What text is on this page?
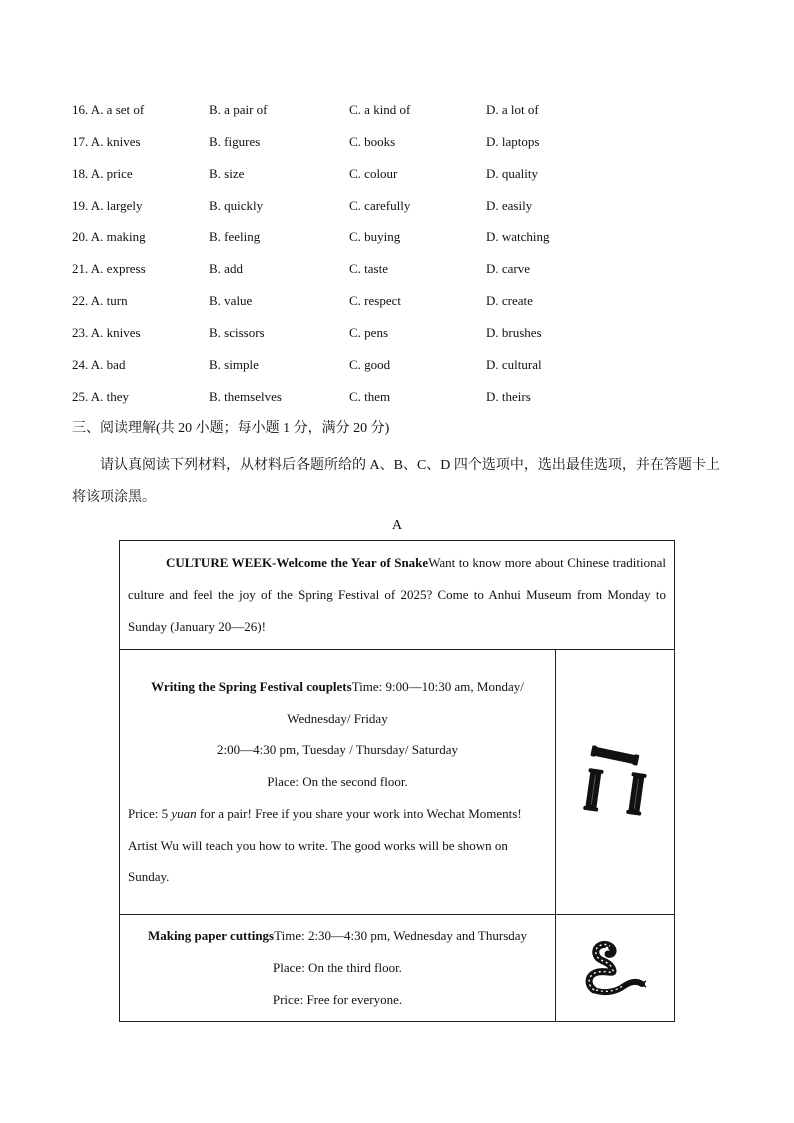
16. A. a set of	B. a pair of	C. a kind of	D. a lot of
17. A. knives	B. figures	C. books	D. laptops
18. A. price	B. size	C. colour	D. quality
19. A. largely	B. quickly	C. carefully	D. easily
20. A. making	B. feeling	C. buying	D. watching
21. A. express	B. add	C. taste	D. carve
22. A. turn	B. value	C. respect	D. create
23. A. knives	B. scissors	C. pens	D. brushes
24. A. bad	B. simple	C. good	D. cultural
25. A. they	B. themselves	C. them	D. theirs
三、阅读理解(共 20 小题；每小题 1 分，满分 20 分)
请认真阅读下列材料，从材料后各题所给的 A、B、C、D 四个选项中，选出最佳选项，并在答题卡上将该项涂黑。
A
CULTURE WEEK-Welcome the Year of SnakeWant to know more about Chinese traditional culture and feel the joy of the Spring Festival of 2025? Come to Anhui Museum from Monday to Sunday (January 20—26)!	

Writing the Spring Festival coupletsTime: 9:00—10:30 am, Monday/ Wednesday/ Friday
2:00—4:30 pm, Tuesday / Thursday/ Saturday
Place: On the second floor.
Price: 5 yuan for a pair! Free if you share your work into Wechat Moments!
Artist Wu will teach you how to write. The good works will be shown on Sunday.

Making paper cuttingsTime: 2:30—4:30 pm, Wednesday and Thursday
Place: On the third floor.
Price: Free for everyone.
